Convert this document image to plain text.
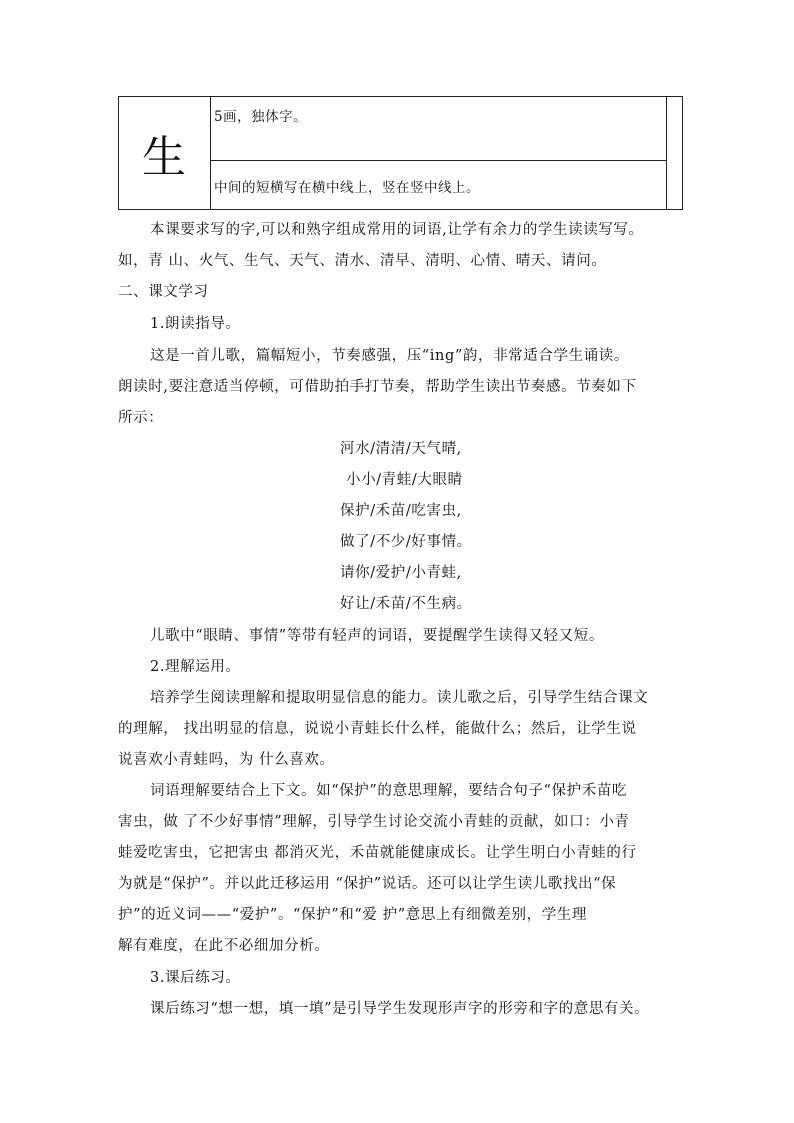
生
5画，独体字。
中间的短横写在横中线上，竖在竖中线上。
本课要求写的字,可以和熟字组成常用的词语,让学有余力的学生读读写写。
如，青 山、火气、生气、天气、清水、清早、清明、心情、晴天、请问。
二、课文学习
1.朗读指导。
这是一首儿歌，篇幅短小，节奏感强，压“ing”韵，非常适合学生诵读。
朗读时,要注意适当停顿，可借助拍手打节奏，帮助学生读出节奏感。节奏如下
所示：
河水/清清/天气晴,
小小/青蛙/大眼睛
保护/禾苗/吃害虫,
做了/不少/好事情。
请你/爱护/小青蛙,
好让/禾苗/不生病。
儿歌中“眼睛、事情”等带有轻声的词语，要提醒学生读得又轻又短。
2.理解运用。
培养学生阅读理解和提取明显信息的能力。读儿歌之后，引导学生结合课文
的理解， 找出明显的信息，说说小青蛙长什么样，能做什么；然后，让学生说
说喜欢小青蛙吗，为 什么喜欢。
词语理解要结合上下文。如“保护”的意思理解，要结合句子“保护禾苗吃
害虫，做 了不少好事情”理解，引导学生讨论交流小青蛙的贡献，如口：小青
蛙爱吃害虫，它把害虫 都消灭光，禾苗就能健康成长。让学生明白小青蛙的行
为就是“保护”。并以此迁移运用 “保护”说话。还可以让学生读儿歌找出“保
护”的近义词——“爱护”。“保护”和“爱 护”意思上有细微差别，学生理
解有难度，在此不必细加分析。
3.课后练习。
课后练习“想一想，填一填”是引导学生发现形声字的形旁和字的意思有关。
